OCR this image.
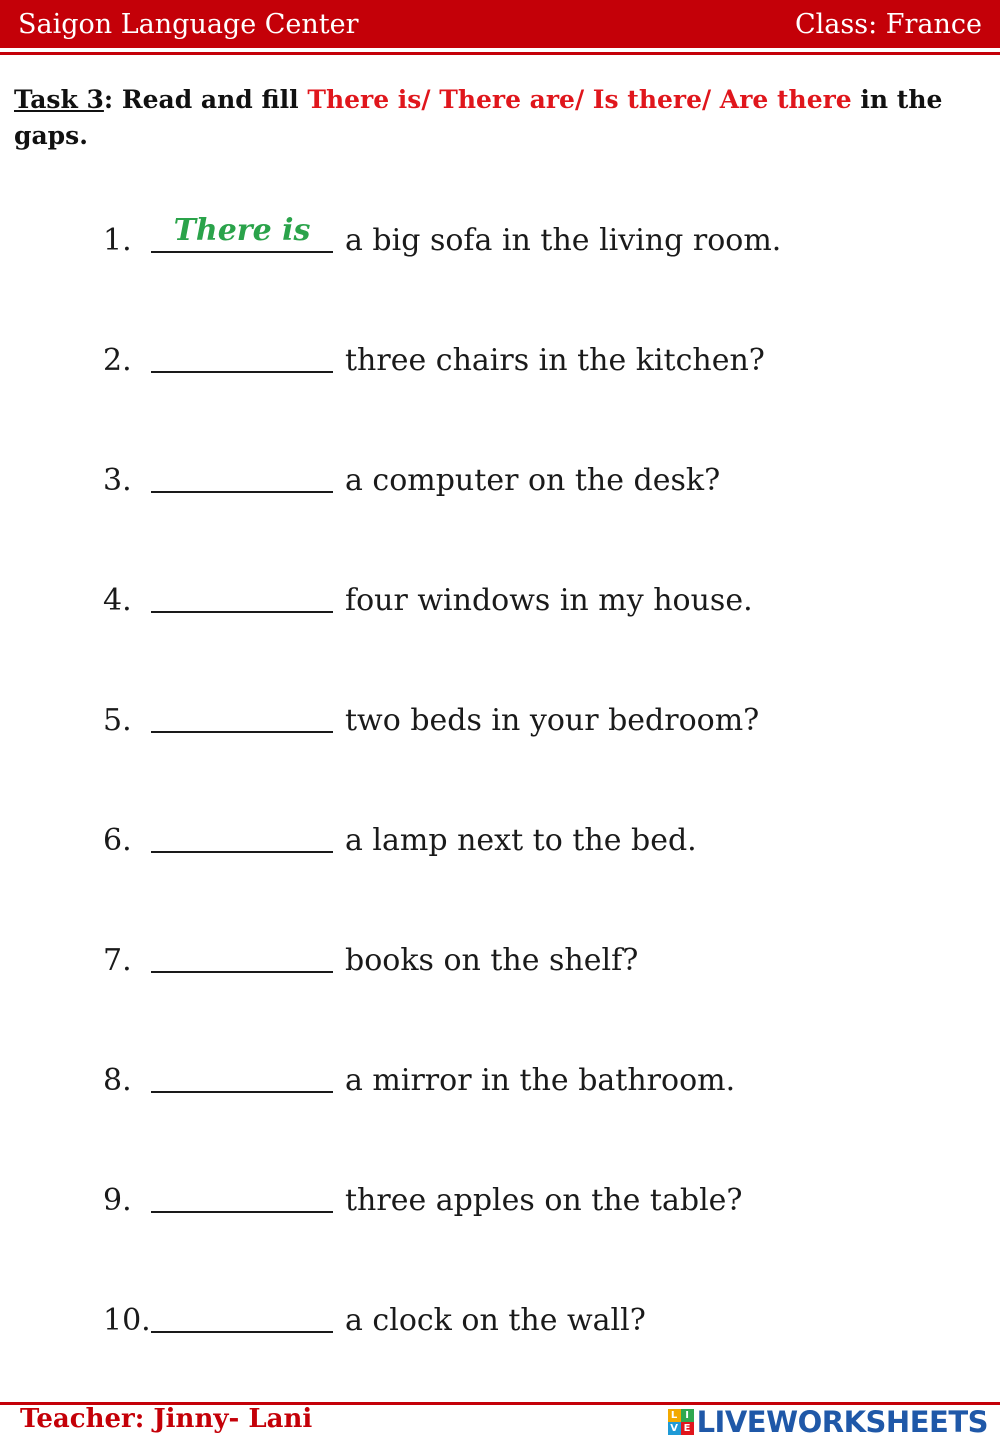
Saigon Language Center	Class: France
Task 3: Read and fill There is/ There are/ Is there/ Are there in the gaps.
1.	There is	a big sofa in the living room.
2.	three chairs in the kitchen?
3.	a computer on the desk?
4.	four windows in my house.
5.	two beds in your bedroom?
6.	a lamp next to the bed.
7.	books on the shelf?
8.	a mirror in the bathroom.
9.	three apples on the table?
10.	a clock on the wall?
Teacher: Jinny- Lani	L I
V E LIVEWORKSHEETS
